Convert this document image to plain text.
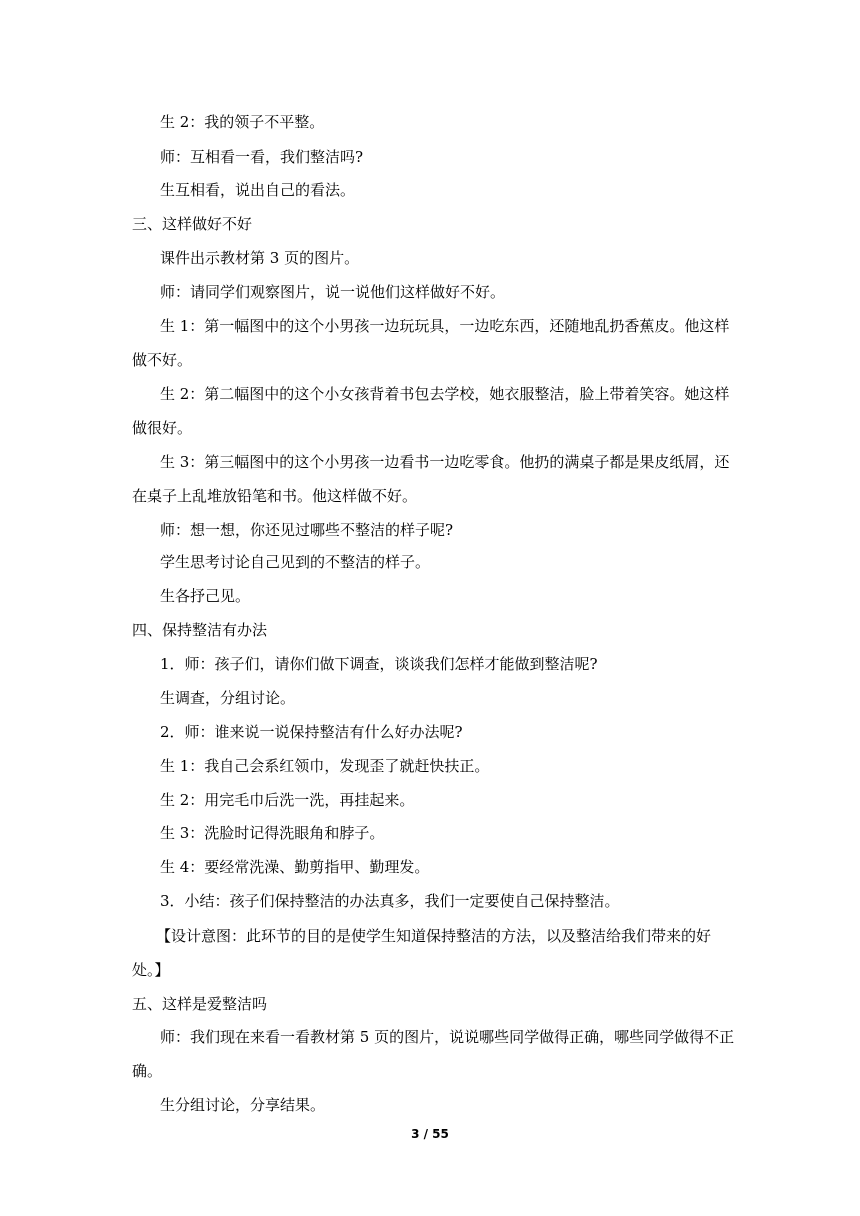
生 2：我的领子不平整。
师：互相看一看，我们整洁吗?
生互相看，说出自己的看法。
三、这样做好不好
课件出示教材第 3 页的图片。
师：请同学们观察图片，说一说他们这样做好不好。
生 1：第一幅图中的这个小男孩一边玩玩具，一边吃东西，还随地乱扔香蕉皮。他这样
做不好。
生 2：第二幅图中的这个小女孩背着书包去学校，她衣服整洁，脸上带着笑容。她这样
做很好。
生 3：第三幅图中的这个小男孩一边看书一边吃零食。他扔的满桌子都是果皮纸屑，还
在桌子上乱堆放铅笔和书。他这样做不好。
师：想一想，你还见过哪些不整洁的样子呢?
学生思考讨论自己见到的不整洁的样子。
生各抒己见。
四、保持整洁有办法
1．师：孩子们，请你们做下调查，谈谈我们怎样才能做到整洁呢?
生调查，分组讨论。
2．师：谁来说一说保持整洁有什么好办法呢?
生 1：我自己会系红领巾，发现歪了就赶快扶正。
生 2：用完毛巾后洗一洗，再挂起来。
生 3：洗脸时记得洗眼角和脖子。
生 4：要经常洗澡、勤剪指甲、勤理发。
3．小结：孩子们保持整洁的办法真多，我们一定要使自己保持整洁。
【设计意图：此环节的目的是使学生知道保持整洁的方法，以及整洁给我们带来的好
处。】
五、这样是爱整洁吗
师：我们现在来看一看教材第 5 页的图片，说说哪些同学做得正确，哪些同学做得不正
确。
生分组讨论，分享结果。
3 / 55
